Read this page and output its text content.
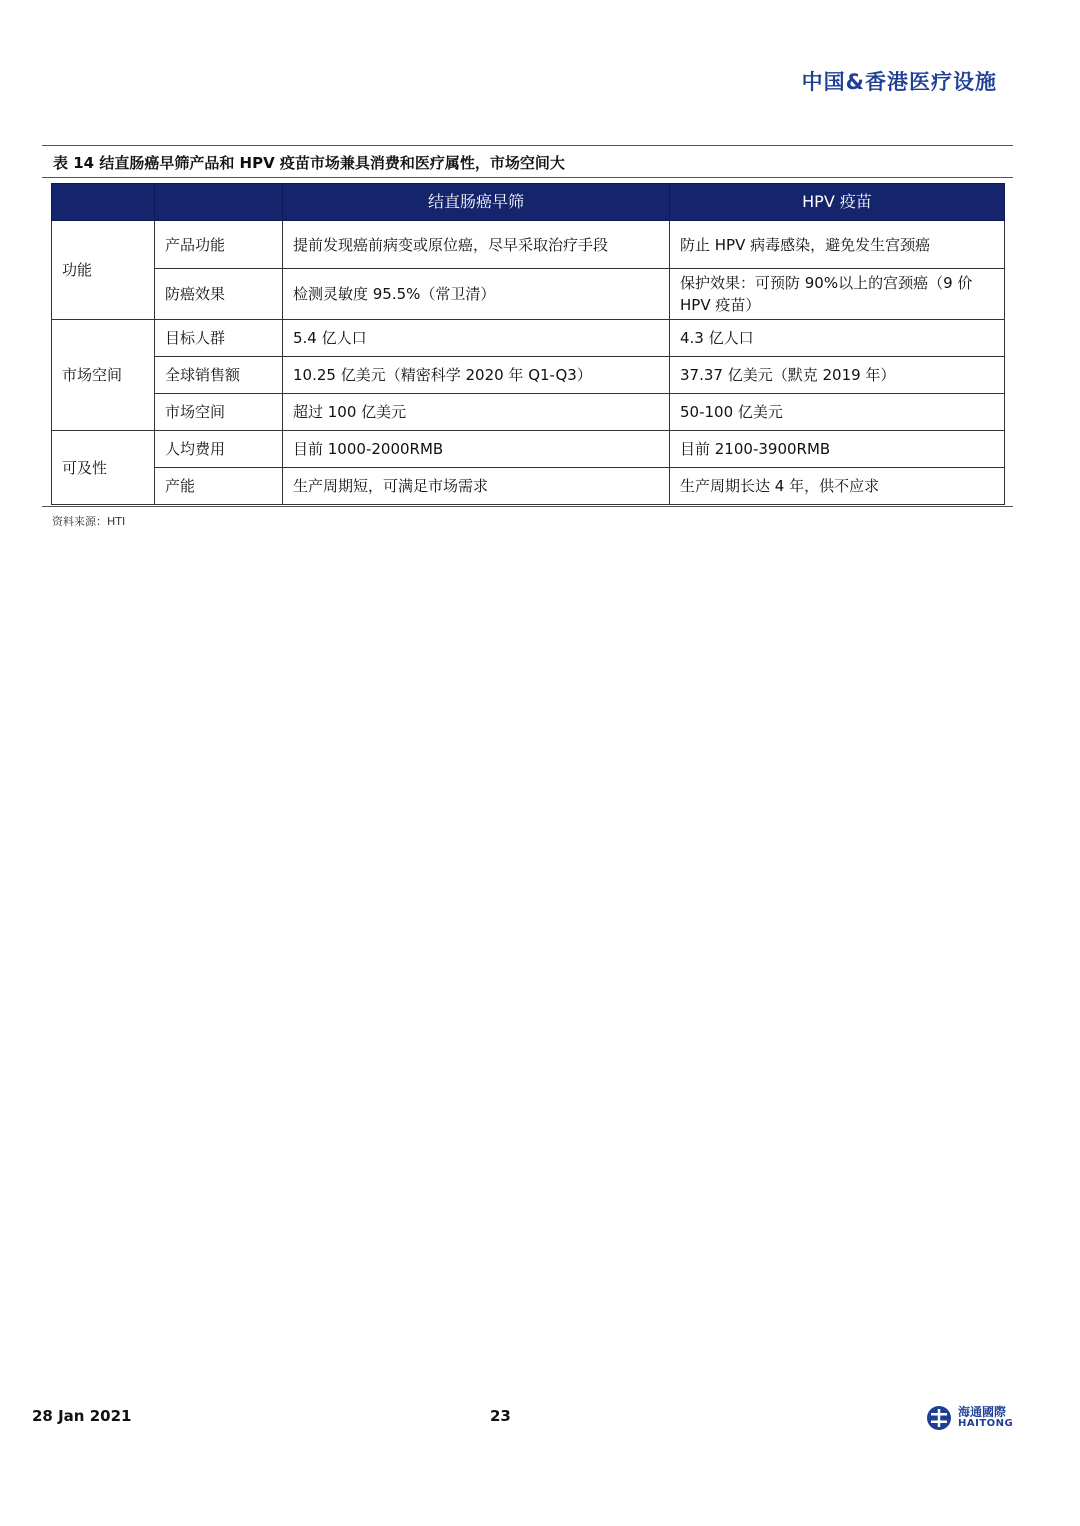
中国&香港医疗设施
表 14 结直肠癌早筛产品和 HPV 疫苗市场兼具消费和医疗属性，市场空间大
		结直肠癌早筛	HPV 疫苗
功能	产品功能	提前发现癌前病变或原位癌，尽早采取治疗手段	防止 HPV 病毒感染，避免发生宫颈癌
	防癌效果	检测灵敏度 95.5%（常卫清）	保护效果：可预防 90%以上的宫颈癌（9 价 HPV 疫苗）
市场空间	目标人群	5.4 亿人口	4.3 亿人口
	全球销售额	10.25 亿美元（精密科学 2020 年 Q1-Q3）	37.37 亿美元（默克 2019 年）
	市场空间	超过 100 亿美元	50-100 亿美元
可及性	人均费用	目前 1000-2000RMB	目前 2100-3900RMB
	产能	生产周期短，可满足市场需求	生产周期长达 4 年，供不应求
资料来源：HTI
28 Jan 2021	23	海通國際
HAITONG
